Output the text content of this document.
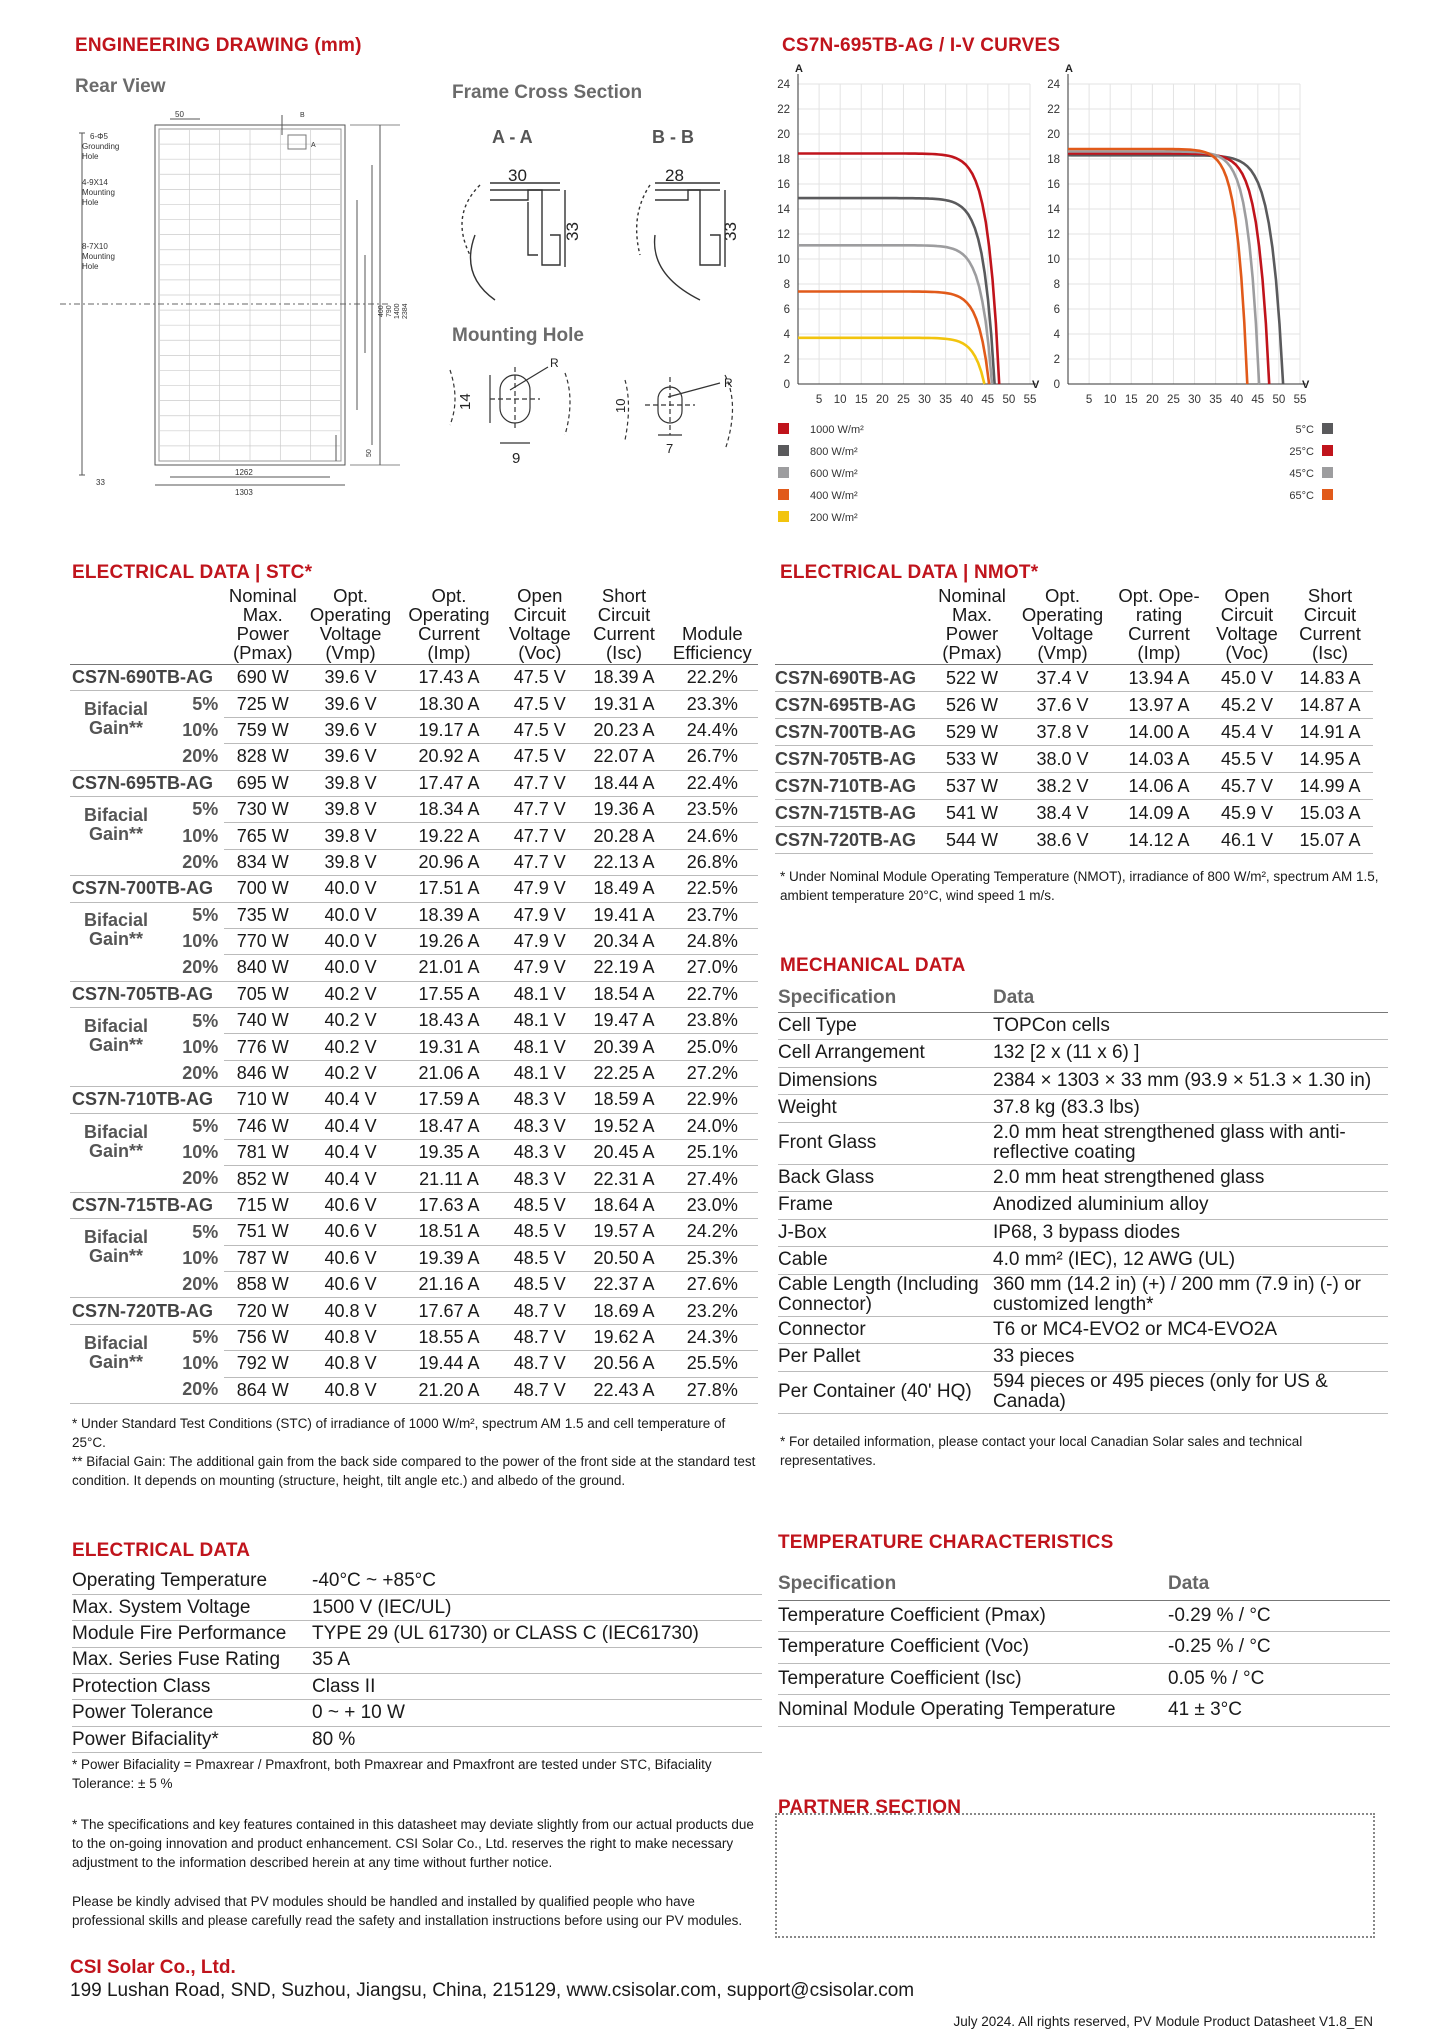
ENGINEERING DRAWING (mm)
Rear View	Frame Cross Section
Mounting Hole
50	B
A
33
1262
1303
50
400 790 1400 2384
6-Φ5
Grounding
Hole
4-9X14
Mounting
Hole
8-7X10
Mounting
Hole
A - A
30
33
B - B
28
33
14
9
R
10
7
R
CS7N-695TB-AG / I-V CURVES
A
V
0
2
4
6
8
10
12
14
16
18
20
22
24
5 10 15 20 25 30 35 40 45 50 55
A
V
0
2
4
6
8
10
12
14
16
18
20
22
24
5 10 15 20 25 30 35 40 45 50 55
1000 W/m²
800 W/m²
600 W/m²
400 W/m²
200 W/m²
5°C
25°C
45°C
65°C
ELECTRICAL DATA | STC*
	Nominal
Max.
Power
(Pmax)	Opt.
Operating
Voltage
(Vmp)	Opt.
Operating
Current
(Imp)	Open
Circuit
Voltage
(Voc)	Short
Circuit
Current
(Isc)	Module
Efficiency
CS7N-690TB-AG	690 W	39.6 V	17.43 A	47.5 V	18.39 A	22.2%
5%	725 W	39.6 V	18.30 A	47.5 V	19.31 A	23.3%

Bifacial
Gain** 10%	759 W	39.6 V	19.17 A	47.5 V	20.23 A	24.4%
20%	828 W	39.6 V	20.92 A	47.5 V	22.07 A	26.7%
CS7N-695TB-AG	695 W	39.8 V	17.47 A	47.7 V	18.44 A	22.4%
5%	730 W	39.8 V	18.34 A	47.7 V	19.36 A	23.5%

Bifacial
Gain** 10%	765 W	39.8 V	19.22 A	47.7 V	20.28 A	24.6%
20%	834 W	39.8 V	20.96 A	47.7 V	22.13 A	26.8%
CS7N-700TB-AG	700 W	40.0 V	17.51 A	47.9 V	18.49 A	22.5%
5%	735 W	40.0 V	18.39 A	47.9 V	19.41 A	23.7%

Bifacial
Gain** 10%	770 W	40.0 V	19.26 A	47.9 V	20.34 A	24.8%
20%	840 W	40.0 V	21.01 A	47.9 V	22.19 A	27.0%
CS7N-705TB-AG	705 W	40.2 V	17.55 A	48.1 V	18.54 A	22.7%
5%	740 W	40.2 V	18.43 A	48.1 V	19.47 A	23.8%

Bifacial
Gain** 10%	776 W	40.2 V	19.31 A	48.1 V	20.39 A	25.0%
20%	846 W	40.2 V	21.06 A	48.1 V	22.25 A	27.2%
CS7N-710TB-AG	710 W	40.4 V	17.59 A	48.3 V	18.59 A	22.9%
5%	746 W	40.4 V	18.47 A	48.3 V	19.52 A	24.0%

Bifacial
Gain** 10%	781 W	40.4 V	19.35 A	48.3 V	20.45 A	25.1%
20%	852 W	40.4 V	21.11 A	48.3 V	22.31 A	27.4%
CS7N-715TB-AG	715 W	40.6 V	17.63 A	48.5 V	18.64 A	23.0%
5%	751 W	40.6 V	18.51 A	48.5 V	19.57 A	24.2%

Bifacial
Gain** 10%	787 W	40.6 V	19.39 A	48.5 V	20.50 A	25.3%
20%	858 W	40.6 V	21.16 A	48.5 V	22.37 A	27.6%
CS7N-720TB-AG	720 W	40.8 V	17.67 A	48.7 V	18.69 A	23.2%
5%	756 W	40.8 V	18.55 A	48.7 V	19.62 A	24.3%

Bifacial
Gain** 10%	792 W	40.8 V	19.44 A	48.7 V	20.56 A	25.5%
20%	864 W	40.8 V	21.20 A	48.7 V	22.43 A	27.8%
* Under Standard Test Conditions (STC) of irradiance of 1000 W/m², spectrum AM 1.5 and cell temperature of 25°C.
** Bifacial Gain: The additional gain from the back side compared to the power of the front side at the standard test condition. It depends on mounting (structure, height, tilt angle etc.) and albedo of the ground.
ELECTRICAL DATA | NMOT*
	Nominal
Max.
Power
(Pmax)	Opt.
Operating
Voltage
(Vmp)	Opt. Ope-
rating
Current
(Imp)	Open
Circuit
Voltage
(Voc)	Short
Circuit
Current
(Isc)
CS7N-690TB-AG	522 W	37.4 V	13.94 A	45.0 V	14.83 A
CS7N-695TB-AG	526 W	37.6 V	13.97 A	45.2 V	14.87 A
CS7N-700TB-AG	529 W	37.8 V	14.00 A	45.4 V	14.91 A
CS7N-705TB-AG	533 W	38.0 V	14.03 A	45.5 V	14.95 A
CS7N-710TB-AG	537 W	38.2 V	14.06 A	45.7 V	14.99 A
CS7N-715TB-AG	541 W	38.4 V	14.09 A	45.9 V	15.03 A
CS7N-720TB-AG	544 W	38.6 V	14.12 A	46.1 V	15.07 A
* Under Nominal Module Operating Temperature (NMOT), irradiance of 800 W/m², spectrum AM 1.5, ambient temperature 20°C, wind speed 1 m/s.
MECHANICAL DATA
Specification	Data
Cell Type	TOPCon cells
Cell Arrangement	132 [2 x (11 x 6) ]
Dimensions	2384 × 1303 × 33 mm (93.9 × 51.3 × 1.30 in)
Weight	37.8 kg (83.3 lbs)
Front Glass	2.0 mm heat strengthened glass with anti-reflective coating
Back Glass	2.0 mm heat strengthened glass
Frame	Anodized aluminium alloy
J-Box	IP68, 3 bypass diodes
Cable	4.0 mm² (IEC), 12 AWG (UL)
Cable Length (Including Connector)	360 mm (14.2 in) (+) / 200 mm (7.9 in) (-) or customized length*
Connector	T6 or MC4-EVO2 or MC4-EVO2A
Per Pallet	33 pieces
Per Container (40' HQ)	594 pieces or 495 pieces (only for US & Canada)
* For detailed information, please contact your local Canadian Solar sales and technical representatives.
ELECTRICAL DATA
Operating Temperature	-40°C ~ +85°C
Max. System Voltage	1500 V (IEC/UL)
Module Fire Performance	TYPE 29 (UL 61730) or CLASS C (IEC61730)
Max. Series Fuse Rating	35 A
Protection Class	Class II
Power Tolerance	0 ~ + 10 W
Power Bifaciality*	80 %
* Power Bifaciality = Pmaxrear / Pmaxfront, both Pmaxrear and Pmaxfront are tested under STC, Bifaciality Tolerance: ± 5 %
TEMPERATURE CHARACTERISTICS
Specification	Data
Temperature Coefficient (Pmax)	-0.29 % / °C
Temperature Coefficient (Voc)	-0.25 % / °C
Temperature Coefficient (Isc)	0.05 % / °C
Nominal Module Operating Temperature	41 ± 3°C
PARTNER SECTION
* The specifications and key features contained in this datasheet may deviate slightly from our actual products due to the on-going innovation and product enhancement. CSI Solar Co., Ltd. reserves the right to make necessary adjustment to the information described herein at any time without further notice.
Please be kindly advised that PV modules should be handled and installed by qualified people who have professional skills and please carefully read the safety and installation instructions before using our PV modules.
CSI Solar Co., Ltd.
199 Lushan Road, SND, Suzhou, Jiangsu, China, 215129, www.csisolar.com, support@csisolar.com
July 2024. All rights reserved, PV Module Product Datasheet V1.8_EN
